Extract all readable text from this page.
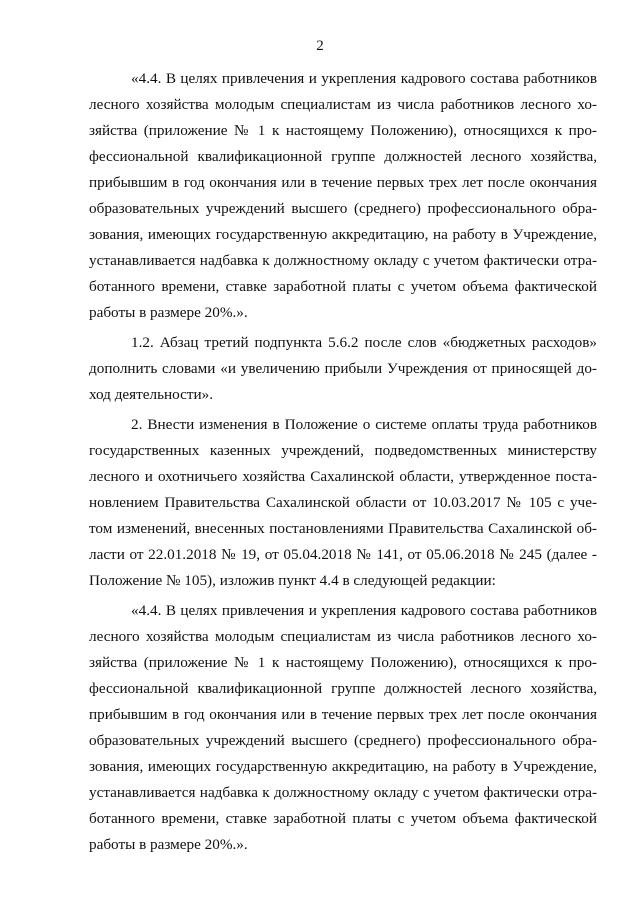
2
«4.4. В целях привлечения и укрепления кадрового состава работников
лесного хозяйства молодым специалистам из числа работников лесного хо-
зяйства (приложение № 1 к настоящему Положению), относящихся к про-
фессиональной квалификационной группе должностей лесного хозяйства,
прибывшим в год окончания или в течение первых трех лет после окончания
образовательных учреждений высшего (среднего) профессионального обра-
зования, имеющих государственную аккредитацию, на работу в Учреждение,
устанавливается надбавка к должностному окладу с учетом фактически отра-
ботанного времени, ставке заработной платы с учетом объема фактической
работы в размере 20%.».
1.2. Абзац третий подпункта 5.6.2 после слов «бюджетных расходов»
дополнить словами «и увеличению прибыли Учреждения от приносящей до-
ход деятельности».
2. Внести изменения в Положение о системе оплаты труда работников
государственных казенных учреждений, подведомственных министерству
лесного и охотничьего хозяйства Сахалинской области, утвержденное поста-
новлением Правительства Сахалинской области от 10.03.2017 № 105 с уче-
том изменений, внесенных постановлениями Правительства Сахалинской об-
ласти от 22.01.2018 № 19, от 05.04.2018 № 141, от 05.06.2018 № 245 (далее -
Положение № 105), изложив пункт 4.4 в следующей редакции:
«4.4. В целях привлечения и укрепления кадрового состава работников
лесного хозяйства молодым специалистам из числа работников лесного хо-
зяйства (приложение № 1 к настоящему Положению), относящихся к про-
фессиональной квалификационной группе должностей лесного хозяйства,
прибывшим в год окончания или в течение первых трех лет после окончания
образовательных учреждений высшего (среднего) профессионального обра-
зования, имеющих государственную аккредитацию, на работу в Учреждение,
устанавливается надбавка к должностному окладу с учетом фактически отра-
ботанного времени, ставке заработной платы с учетом объема фактической
работы в размере 20%.».
